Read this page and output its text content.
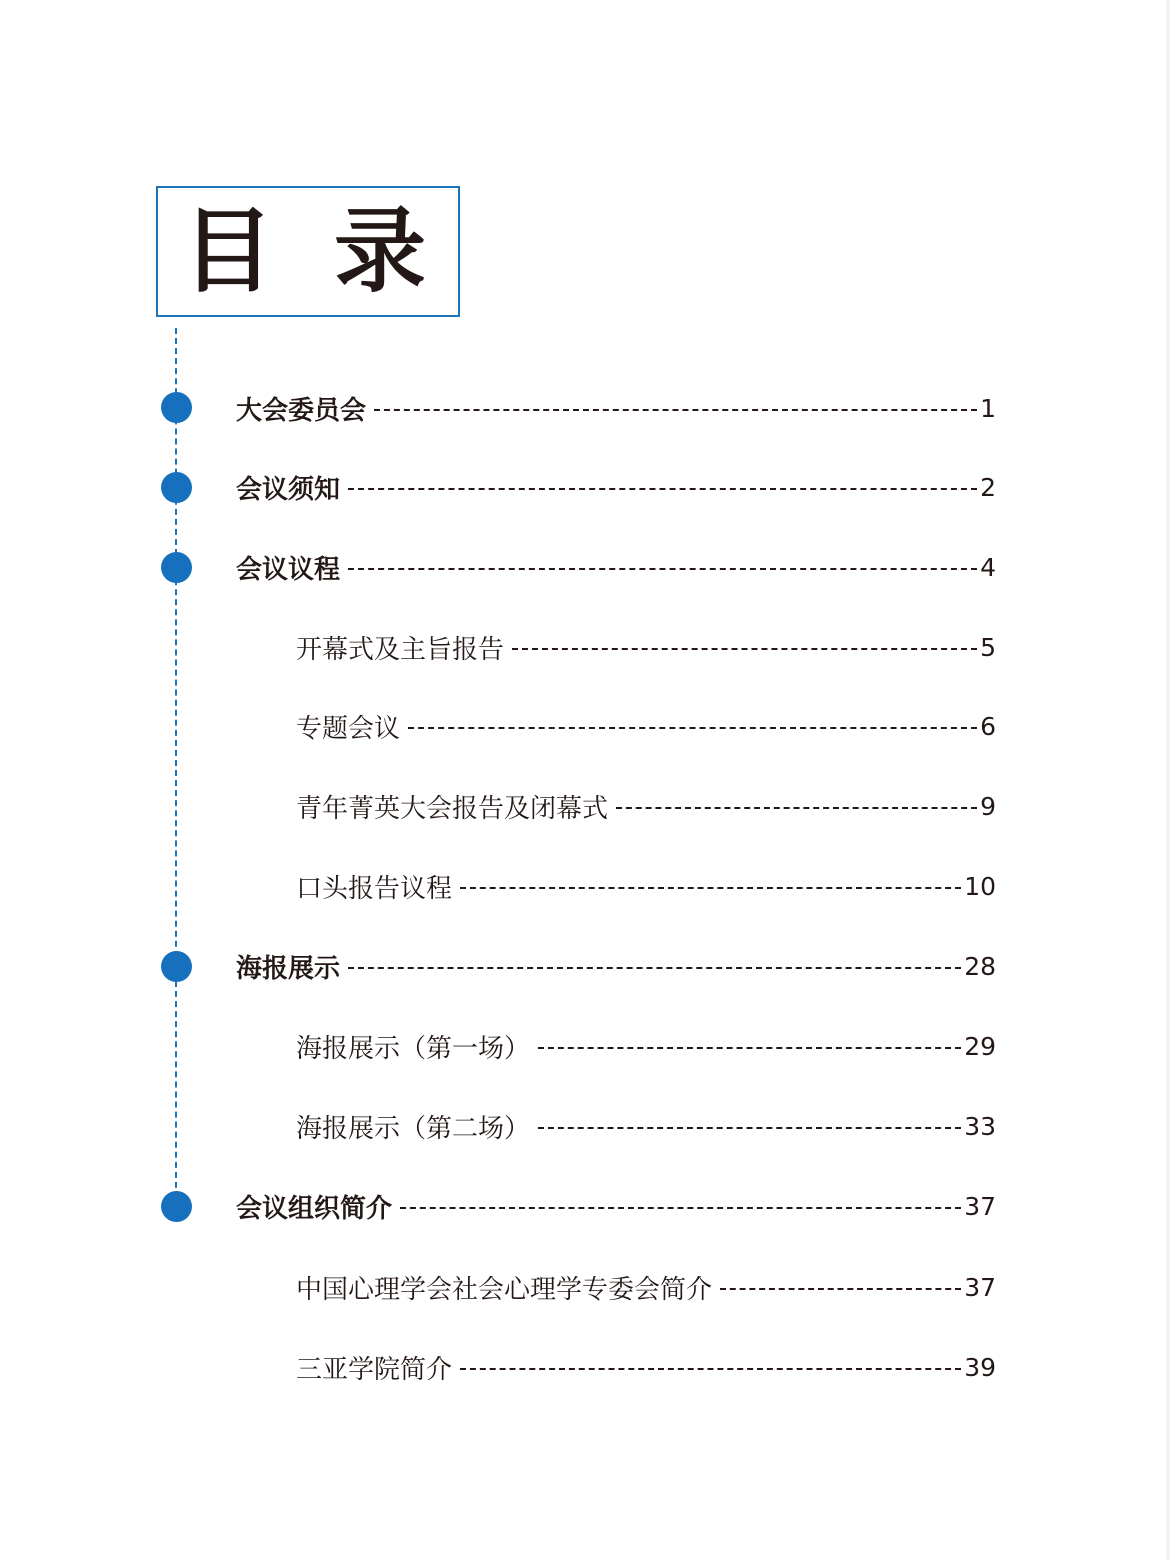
目 录
大会委员会	1
会议须知	2
会议议程	4
开幕式及主旨报告	5
专题会议	6
青年菁英大会报告及闭幕式	9
口头报告议程	10
海报展示	28
海报展示（第一场）	29
海报展示（第二场）	33
会议组织简介	37
中国心理学会社会心理学专委会简介	37
三亚学院简介	39
